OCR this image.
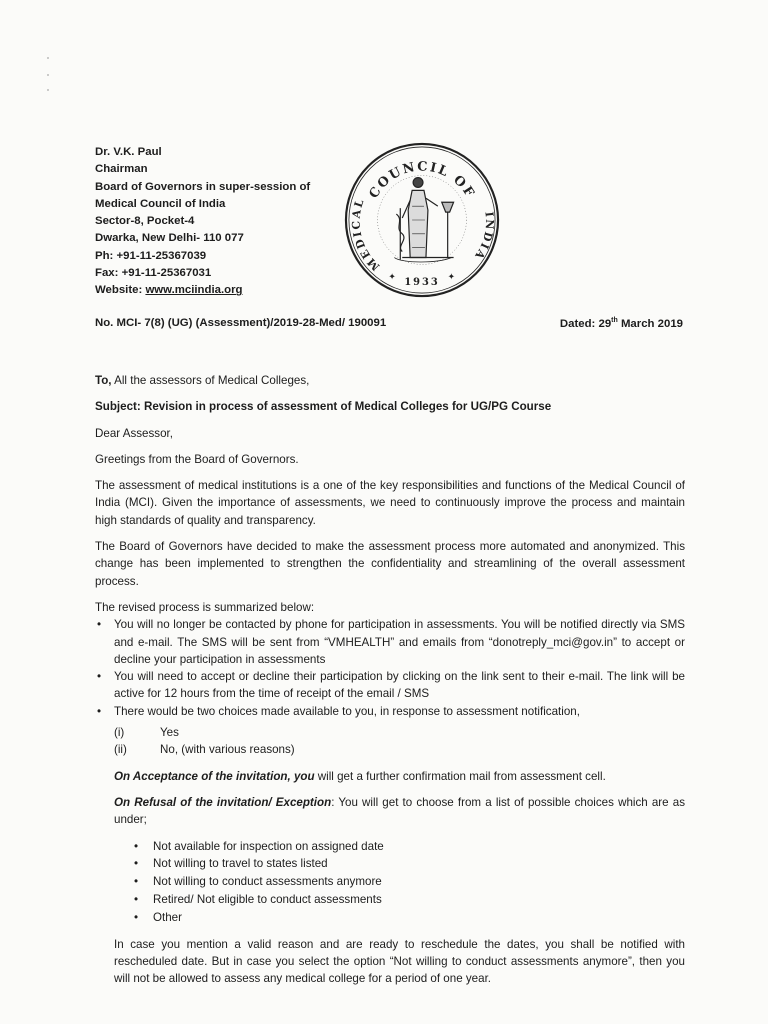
Dr. V.K. Paul
Chairman
Board of Governors in super-session of
Medical Council of India
Sector-8, Pocket-4
Dwarka, New Delhi- 110 077
Ph: +91-11-25367039
Fax: +91-11-25367031
Website: www.mciindia.org
COUNCIL OF
MEDICAL
INDIA
1933
✦	✦
No. MCI- 7(8) (UG) (Assessment)/2019-28-Med/ 190091	Dated: 29th March 2019

To, All the assessors of Medical Colleges,

Subject: Revision in process of assessment of Medical Colleges for UG/PG Course

Dear Assessor,

Greetings from the Board of Governors.

The assessment of medical institutions is a one of the key responsibilities and functions of the Medical Council of India (MCI). Given the importance of assessments, we need to continuously improve the process and maintain high standards of quality and transparency.

The Board of Governors have decided to make the assessment process more automated and anonymized. This change has been implemented to strengthen the confidentiality and streamlining of the overall assessment process.

The revised process is summarized below:

• You will no longer be contacted by phone for participation in assessments. You will be notified directly via SMS and e-mail. The SMS will be sent from “VMHEALTH” and emails from “donotreply_mci@gov.in” to accept or decline your participation in assessments
• You will need to accept or decline their participation by clicking on the link sent to their e-mail. The link will be active for 12 hours from the time of receipt of the email / SMS
• There would be two choices made available to you, in response to assessment notification,
(i)	Yes
(ii)	No, (with various reasons)

On Acceptance of the invitation, you will get a further confirmation mail from assessment cell.

On Refusal of the invitation/ Exception: You will get to choose from a list of possible choices which are as under;

• Not available for inspection on assigned date
• Not willing to travel to states listed
• Not willing to conduct assessments anymore
• Retired/ Not eligible to conduct assessments
• Other

In case you mention a valid reason and are ready to reschedule the dates, you shall be notified with rescheduled date. But in case you select the option “Not willing to conduct assessments anymore”, then you will not be allowed to assess any medical college for a period of one year.
